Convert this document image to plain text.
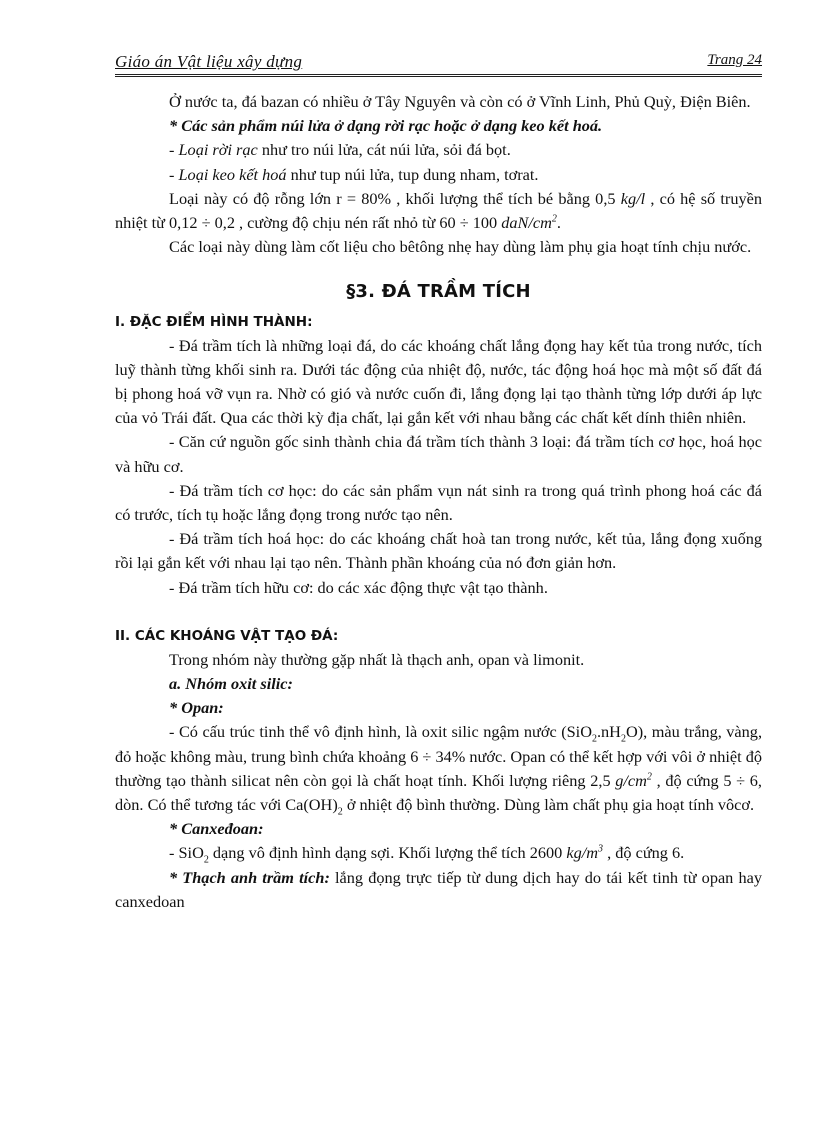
Giáo án Vật liệu xây dựng	Trang 24

Ở nước ta, đá bazan có nhiều ở Tây Nguyên và còn có ở Vĩnh Linh, Phủ Quỳ, Điện Biên.

* Các sản phẩm núi lửa ở dạng rời rạc hoặc ở dạng keo kết hoá.

- Loại rời rạc như tro núi lửa, cát núi lửa, sỏi đá bọt.

- Loại keo kết hoá như tup núi lửa, tup dung nham, tơrat.

Loại này có độ rỗng lớn r = 80% , khối lượng thể tích bé bằng 0,5 kg/l , có hệ số truyền nhiệt từ 0,12 ÷ 0,2 , cường độ chịu nén rất nhỏ từ 60 ÷ 100 daN/$cm^2$.

Các loại này dùng làm cốt liệu cho bêtông nhẹ hay dùng làm phụ gia hoạt tính chịu nước.

§3. ĐÁ TRẦM TÍCH

I. ĐẶC ĐIỂM HÌNH THÀNH:

- Đá trầm tích là những loại đá, do các khoáng chất lắng đọng hay kết tủa trong nước, tích luỹ thành từng khối sinh ra. Dưới tác động của nhiệt độ, nước, tác động hoá học mà một số đất đá bị phong hoá vỡ vụn ra. Nhờ có gió và nước cuốn đi, lắng đọng lại tạo thành từng lớp dưới áp lực của vỏ Trái đất. Qua các thời kỳ địa chất, lại gắn kết với nhau bằng các chất kết dính thiên nhiên.

- Căn cứ nguồn gốc sinh thành chia đá trầm tích thành 3 loại: đá trầm tích cơ học, hoá học và hữu cơ.

- Đá trầm tích cơ học: do các sản phẩm vụn nát sinh ra trong quá trình phong hoá các đá có trước, tích tụ hoặc lắng đọng trong nước tạo nên.

- Đá trầm tích hoá học: do các khoáng chất hoà tan trong nước, kết tủa, lắng đọng xuống rồi lại gắn kết với nhau lại tạo nên. Thành phần khoáng của nó đơn giản hơn.

- Đá trầm tích hữu cơ: do các xác động thực vật tạo thành.

II. CÁC KHOÁNG VẬT TẠO ĐÁ:

Trong nhóm này thường gặp nhất là thạch anh, opan và limonit.

a. Nhóm oxit silic:

* Opan:

- Có cấu trúc tinh thể vô định hình, là oxit silic ngậm nước $(SiO_2.nH_2O)$, màu trắng, vàng, đỏ hoặc không màu, trung bình chứa khoảng 6 ÷ 34% nước. Opan có thể kết hợp với vôi ở nhiệt độ thường tạo thành silicat nên còn gọi là chất hoạt tính. Khối lượng riêng 2,5 $g/cm^2$ , độ cứng 5 ÷ 6, dòn. Có thể tương tác với $Ca(OH)_2$ ở nhiệt độ bình thường. Dùng làm chất phụ gia hoạt tính vôcơ.

* Canxeđoan:

- SiO$_2$ dạng vô định hình dạng sợi. Khối lượng thể tích 2600 $kg/m^3$ , độ cứng 6.

* Thạch anh trầm tích: lắng đọng trực tiếp từ dung dịch hay do tái kết tinh từ opan hay canxedoan
